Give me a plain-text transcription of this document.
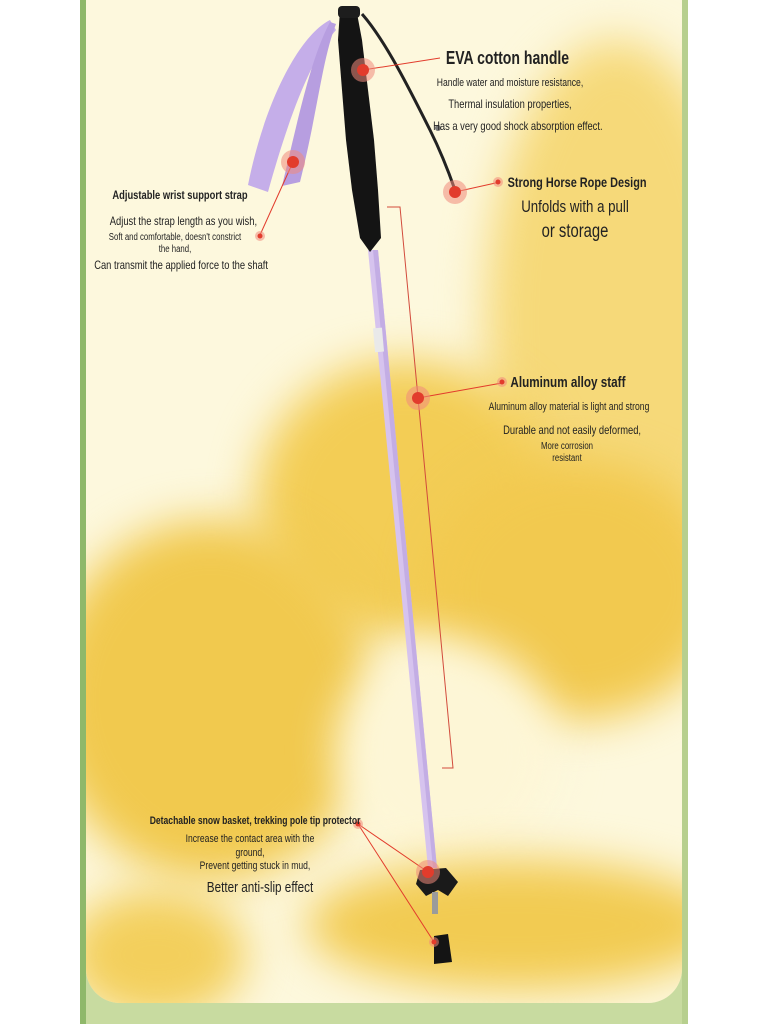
EVA cotton handle
Handle water and moisture resistance,
Thermal insulation properties,
Has a very good shock absorption effect.
Strong Horse Rope Design
Unfolds with a pull
or storage
Adjustable wrist support strap
Adjust the strap length as you wish,
Soft and comfortable, doesn't constrict
the hand,
Can transmit the applied force to the shaft
Aluminum alloy staff
Aluminum alloy material is light and strong
Durable and not easily deformed,
More corrosion
resistant
Detachable snow basket, trekking pole tip protector
Increase the contact area with the
ground,
Prevent getting stuck in mud,
Better anti-slip effect
